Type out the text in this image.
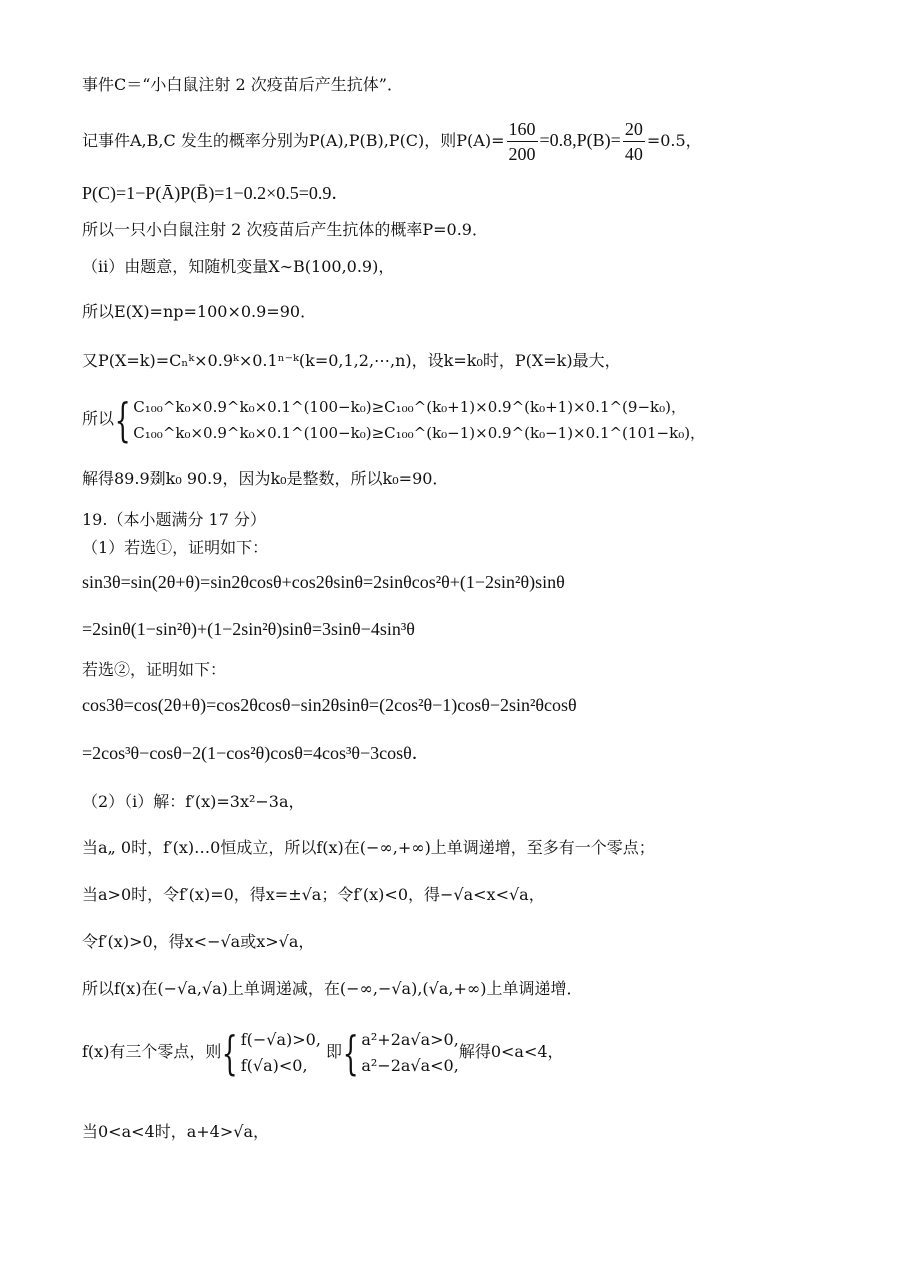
事件C＝“小白鼠注射 2 次疫苗后产生抗体”．
记事件A,B,C 发生的概率分别为P(A),P(B),P(C)，则$P(A)= \frac{160}{200} =0.8,P(B)= \frac{20}{40} =0.5$，
P(C)=1−P(Ā)P(B̄)=1−0.2×0.5=0.9．
所以一只小白鼠注射 2 次疫苗后产生抗体的概率P=0.9．
（ii）由题意，知随机变量X∼B(100,0.9)，
所以E(X)=np=100×0.9=90．
又P(X=k)=Cₙᵏ×0.9ᵏ×0.1ⁿ⁻ᵏ(k=0,1,2,⋯,n)，设k=k₀时，P(X=k)最大，
所以{ C₁₀₀^k₀×0.9^k₀×0.1^(100−k₀)≥C₁₀₀^(k₀+1)×0.9^(k₀+1)×0.1^(9−k₀)，
C₁₀₀^k₀×0.9^k₀×0.1^(100−k₀)≥C₁₀₀^(k₀−1)×0.9^(k₀−1)×0.1^(101−k₀)，
解得89.9剟k₀ 90.9，因为k₀是整数，所以k₀=90．
19.（本小题满分 17 分）
（1）若选①，证明如下：
sin3θ=sin(2θ+θ)=sin2θcosθ+cos2θsinθ=2sinθcos²θ+(1−2sin²θ)sinθ
=2sinθ(1−sin²θ)+(1−2sin²θ)sinθ=3sinθ−4sin³θ
若选②，证明如下：
cos3θ=cos(2θ+θ)=cos2θcosθ−sin2θsinθ=(2cos²θ−1)cosθ−2sin²θcosθ
=2cos³θ−cosθ−2(1−cos²θ)cosθ=4cos³θ−3cosθ．
（2）（i）解：f′(x)=3x²−3a，
当a„ 0时，f′(x)…0恒成立，所以f(x)在(−∞,+∞)上单调递增，至多有一个零点；
当a>0时，令f′(x)=0，得x=±√a；令f′(x)<0，得−√a<x<√a，
令f′(x)>0，得x<−√a或x>√a，
所以f(x)在(−√a,√a)上单调递减，在(−∞,−√a),(√a,+∞)上单调递增．
f(x)有三个零点，则{ f(−√a)>0,
f(√a)<0,
即{ a²+2a√a>0,
a²−2a√a<0,
解得0<a<4，
当0<a<4时，a+4>√a，
